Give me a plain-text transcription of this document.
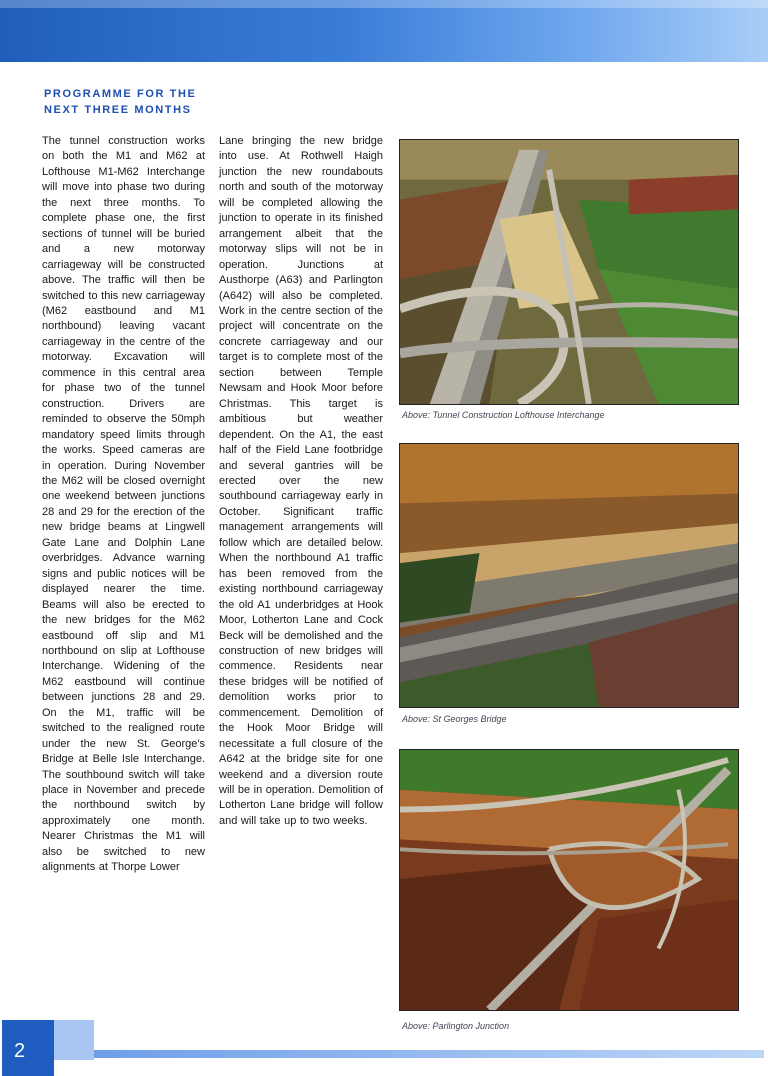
PROGRAMME FOR THE
NEXT THREE MONTHS

The tunnel construction works on both the M1 and M62 at Lofthouse M1-M62 Interchange will move into phase two during the next three months. To complete phase one, the first sections of tunnel will be buried and a new motorway carriageway will be constructed above. The traffic will then be switched to this new carriageway (M62 eastbound and M1 northbound) leaving vacant carriageway in the centre of the motorway. Excavation will commence in this central area for phase two of the tunnel construction. Drivers are reminded to observe the 50mph mandatory speed limits through the works. Speed cameras are in operation. During November the M62 will be closed overnight one weekend between junctions 28 and 29 for the erection of the new bridge beams at Lingwell Gate Lane and Dolphin Lane overbridges. Advance warning signs and public notices will be displayed nearer the time. Beams will also be erected to the new bridges for the M62 eastbound off slip and M1 northbound on slip at Lofthouse Interchange. Widening of the M62 eastbound will continue between junctions 28 and 29. On the M1, traffic will be switched to the realigned route under the new St. George's Bridge at Belle Isle Interchange. The southbound switch will take place in November and precede the northbound switch by approximately one month. Nearer Christmas the M1 will also be switched to new alignments at Thorpe Lower

Lane bringing the new bridge into use. At Rothwell Haigh junction the new roundabouts north and south of the motorway will be completed allowing the junction to operate in its finished arrangement albeit that the motorway slips will not be in operation. Junctions at Austhorpe (A63) and Parlington (A642) will also be completed. Work in the centre section of the project will concentrate on the concrete carriageway and our target is to complete most of the section between Temple Newsam and Hook Moor before Christmas. This target is ambitious but weather dependent. On the A1, the east half of the Field Lane footbridge and several gantries will be erected over the new southbound carriageway early in October. Significant traffic management arrangements will follow which are detailed below. When the northbound A1 traffic has been removed from the existing northbound carriageway the old A1 underbridges at Hook Moor, Lotherton Lane and Cock Beck will be demolished and the construction of new bridges will commence. Residents near these bridges will be notified of demolition works prior to commencement. Demolition of the Hook Moor Bridge will necessitate a full closure of the A642 at the bridge site for one weekend and a diversion route will be in operation. Demolition of Lotherton Lane bridge will follow and will take up to two weeks.

Above: Tunnel Construction Lofthouse Interchange
Above: St Georges Bridge
Above: Parlington Junction
2
